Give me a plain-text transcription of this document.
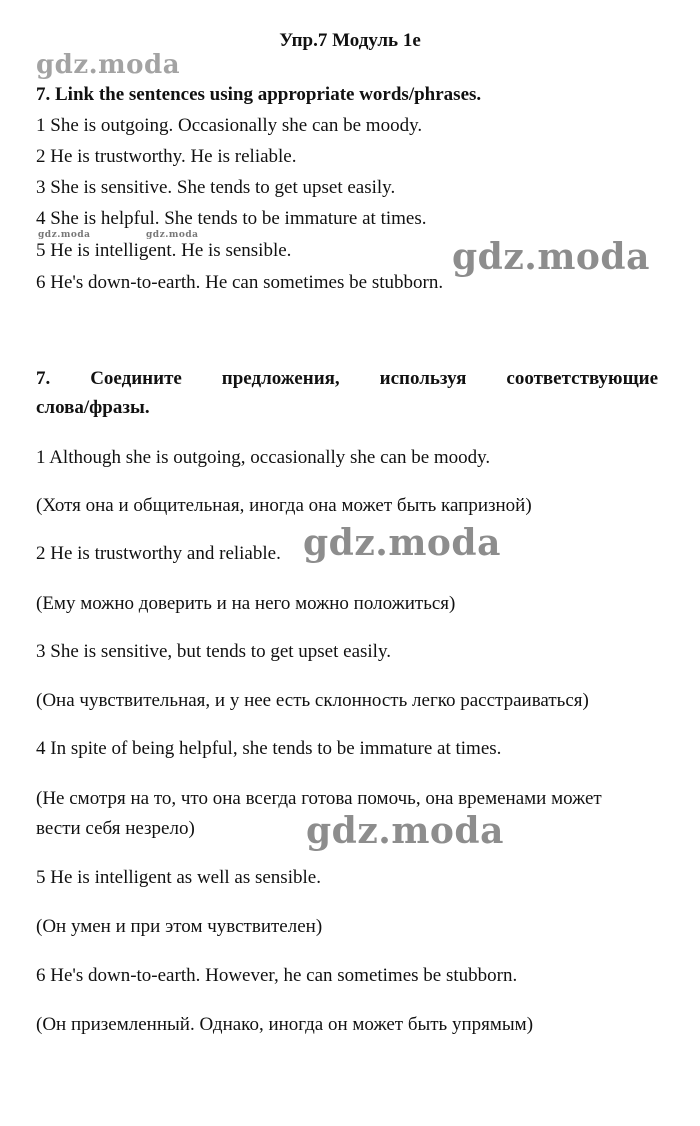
Упр.7 Модуль 1е
gdz.moda
gdz.moda	gdz.moda
gdz.moda
gdz.moda
gdz.moda
7. Link the sentences using appropriate words/phrases.
1 She is outgoing. Occasionally she can be moody.
2 He is trustworthy. He is reliable.
3 She is sensitive. She tends to get upset easily.
4 She is helpful. She tends to be immature at times.
5 He is intelligent. He is sensible.
6 He's down-to-earth. He can sometimes be stubborn.
7. Соедините предложения, используя соответствующие
слова/фразы.
1 Although she is outgoing, occasionally she can be moody.
(Хотя она и общительная, иногда она может быть капризной)
2 He is trustworthy and reliable.
(Ему можно доверить и на него можно положиться)
3 She is sensitive, but tends to get upset easily.
(Она чувствительная, и у нее есть склонность легко расстраиваться)
4 In spite of being helpful, she tends to be immature at times.
(Не смотря на то, что она всегда готова помочь, она временами может
вести себя незрело)
5 He is intelligent as well as sensible.
(Он умен и при этом чувствителен)
6 He's down-to-earth. However, he can sometimes be stubborn.
(Он приземленный. Однако, иногда он может быть упрямым)
